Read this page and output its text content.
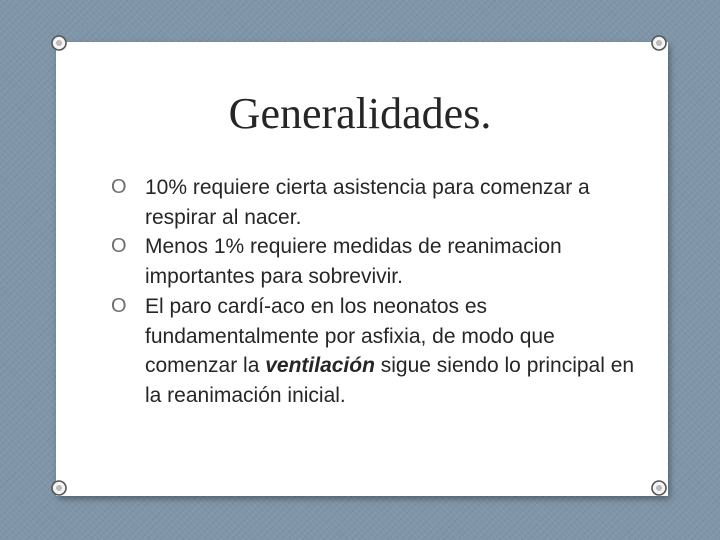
Generalidades.
O 10% requiere cierta asistencia para comenzar a respirar al nacer.
O Menos 1% requiere medidas de reanimacion importantes para sobrevivir.
O El paro cardí-aco en los neonatos es fundamentalmente por asfixia, de modo que comenzar la ventilación sigue siendo lo principal en la reanimación inicial.
